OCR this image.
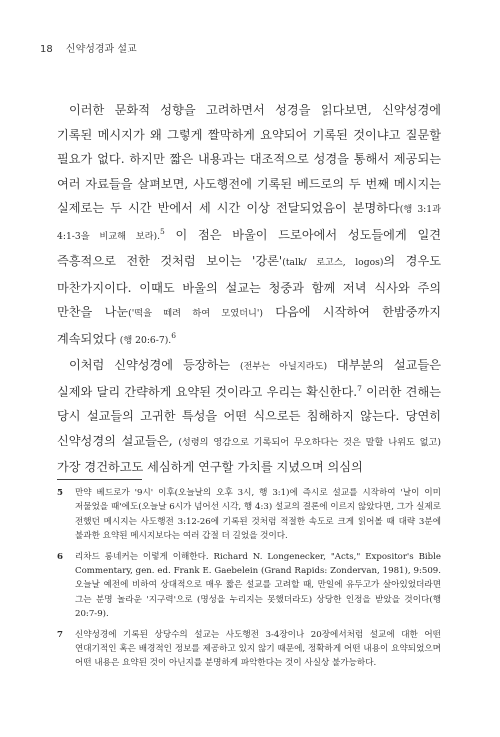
18 신약성경과 설교

이러한 문화적 성향을 고려하면서 성경을 읽다보면, 신약성경에 기록된 메시지가 왜 그렇게 짤막하게 요약되어 기록된 것이냐고 질문할 필요가 없다. 하지만 짧은 내용과는 대조적으로 성경을 통해서 제공되는 여러 자료들을 살펴보면, 사도행전에 기록된 베드로의 두 번째 메시지는 실제로는 두 시간 반에서 세 시간 이상 전달되었음이 분명하다(행 3:1과 4:1-3을 비교해 보라).$^5$ 이 점은 바울이 드로아에서 성도들에게 일견 즉흥적으로 전한 것처럼 보이는 '강론'(talk/ 로고스, logos)의 경우도 마찬가지이다. 이때도 바울의 설교는 청중과 함께 저녁 식사와 주의 만찬을 나눈('떡을 떼려 하여 모였더니') 다음에 시작하여 한밤중까지 계속되었다 (행 20:6-7).$^6$

이처럼 신약성경에 등장하는 (전부는 아닐지라도) 대부분의 설교들은 실제와 달리 간략하게 요약된 것이라고 우리는 확신한다.$^7$ 이러한 견해는 당시 설교들의 고귀한 특성을 어떤 식으로든 침해하지 않는다. 당연히 신약성경의 설교들은, (성령의 영감으로 기록되어 무오하다는 것은 말할 나위도 없고) 가장 경건하고도 세심하게 연구할 가치를 지녔으며 의심의

5	만약 베드로가 '9시' 이후(오늘날의 오후 3시, 행 3:1)에 즉시로 설교를 시작하여 '날이 이미 저물었을 때'에도(오늘날 6시가 넘어선 시각, 행 4:3) 설교의 결론에 이르지 않았다면, 그가 실제로 전했던 메시지는 사도행전 3:12-26에 기록된 것처럼 적절한 속도로 크게 읽어볼 때 대략 3분에 불과한 요약된 메시지보다는 여러 갑절 더 길었을 것이다.
6	리차드 롱네커는 이렇게 이해한다. Richard N. Longenecker, "Acts," Expositor's Bible Commentary, gen. ed. Frank E. Gaebelein (Grand Rapids: Zondervan, 1981), 9:509. 오늘날 예전에 비하여 상대적으로 매우 짧은 설교를 고려할 때, 만일에 유두고가 살아있었더라면 그는 분명 놀라운 '지구력'으로 (명성을 누리지는 못했더라도) 상당한 인정을 받았을 것이다(행 20:7-9).
7	신약성경에 기록된 상당수의 설교는 사도행전 3-4장이나 20장에서처럼 설교에 대한 어떤 연대기적인 혹은 배경적인 정보를 제공하고 있지 않기 때문에, 정확하게 어떤 내용이 요약되었으며 어떤 내용은 요약된 것이 아닌지를 분명하게 파악한다는 것이 사실상 불가능하다.
